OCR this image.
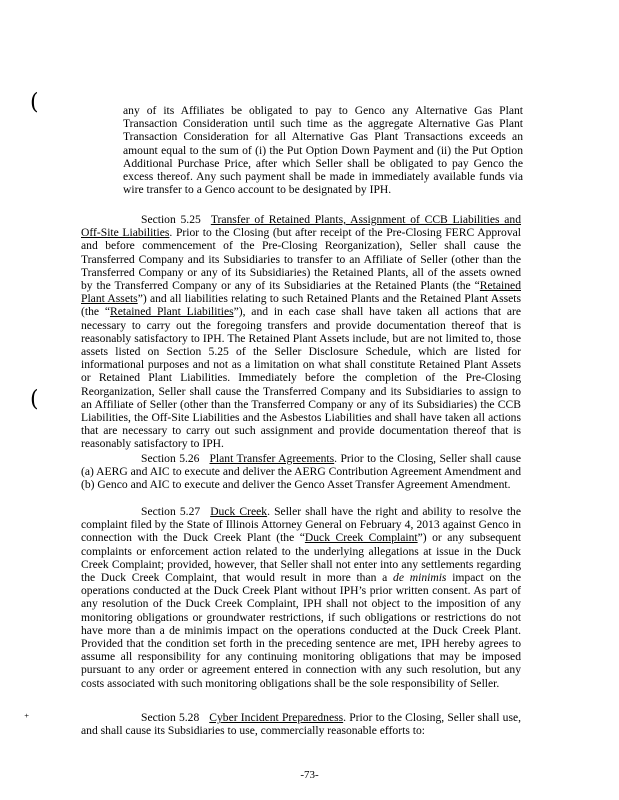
(
(
⁺

any of its Affiliates be obligated to pay to Genco any Alternative Gas Plant Transaction Consideration until such time as the aggregate Alternative Gas Plant Transaction Consideration for all Alternative Gas Plant Transactions exceeds an amount equal to the sum of (i) the Put Option Down Payment and (ii) the Put Option Additional Purchase Price, after which Seller shall be obligated to pay Genco the excess thereof. Any such payment shall be made in immediately available funds via wire transfer to a Genco account to be designated by IPH.

Section 5.25 Transfer of Retained Plants, Assignment of CCB Liabilities and Off-Site Liabilities. Prior to the Closing (but after receipt of the Pre-Closing FERC Approval and before commencement of the Pre-Closing Reorganization), Seller shall cause the Transferred Company and its Subsidiaries to transfer to an Affiliate of Seller (other than the Transferred Company or any of its Subsidiaries) the Retained Plants, all of the assets owned by the Transferred Company or any of its Subsidiaries at the Retained Plants (the “Retained Plant Assets”) and all liabilities relating to such Retained Plants and the Retained Plant Assets (the “Retained Plant Liabilities”), and in each case shall have taken all actions that are necessary to carry out the foregoing transfers and provide documentation thereof that is reasonably satisfactory to IPH. The Retained Plant Assets include, but are not limited to, those assets listed on Section 5.25 of the Seller Disclosure Schedule, which are listed for informational purposes and not as a limitation on what shall constitute Retained Plant Assets or Retained Plant Liabilities. Immediately before the completion of the Pre-Closing Reorganization, Seller shall cause the Transferred Company and its Subsidiaries to assign to an Affiliate of Seller (other than the Transferred Company or any of its Subsidiaries) the CCB Liabilities, the Off-Site Liabilities and the Asbestos Liabilities and shall have taken all actions that are necessary to carry out such assignment and provide documentation thereof that is reasonably satisfactory to IPH.

Section 5.26 Plant Transfer Agreements. Prior to the Closing, Seller shall cause (a) AERG and AIC to execute and deliver the AERG Contribution Agreement Amendment and (b) Genco and AIC to execute and deliver the Genco Asset Transfer Agreement Amendment.

Section 5.27 Duck Creek. Seller shall have the right and ability to resolve the complaint filed by the State of Illinois Attorney General on February 4, 2013 against Genco in connection with the Duck Creek Plant (the “Duck Creek Complaint”) or any subsequent complaints or enforcement action related to the underlying allegations at issue in the Duck Creek Complaint; provided, however, that Seller shall not enter into any settlements regarding the Duck Creek Complaint, that would result in more than a de minimis impact on the operations conducted at the Duck Creek Plant without IPH’s prior written consent. As part of any resolution of the Duck Creek Complaint, IPH shall not object to the imposition of any monitoring obligations or groundwater restrictions, if such obligations or restrictions do not have more than a de minimis impact on the operations conducted at the Duck Creek Plant. Provided that the condition set forth in the preceding sentence are met, IPH hereby agrees to assume all responsibility for any continuing monitoring obligations that may be imposed pursuant to any order or agreement entered in connection with any such resolution, but any costs associated with such monitoring obligations shall be the sole responsibility of Seller.

Section 5.28 Cyber Incident Preparedness. Prior to the Closing, Seller shall use, and shall cause its Subsidiaries to use, commercially reasonable efforts to:

-73-
